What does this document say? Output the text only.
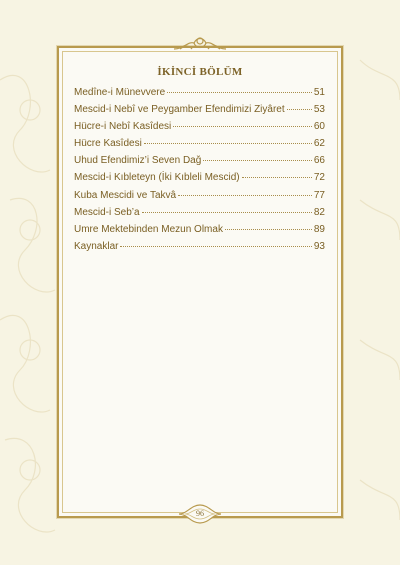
96
İKİNCİ BÖLÜM
Medîne-i Münevvere	51
Mescid-i Nebî ve Peygamber Efendimizi Ziyâret	53
Hücre-i Nebî Kasîdesi	60
Hücre Kasîdesi	62
Uhud Efendimiz’i Seven Dağ	66
Mescid-i Kıbleteyn (İki Kıbleli Mescid)	72
Kuba Mescidi ve Takvâ	77
Mescid-i Seb’a	82
Umre Mektebinden Mezun Olmak	89
Kaynaklar	93
